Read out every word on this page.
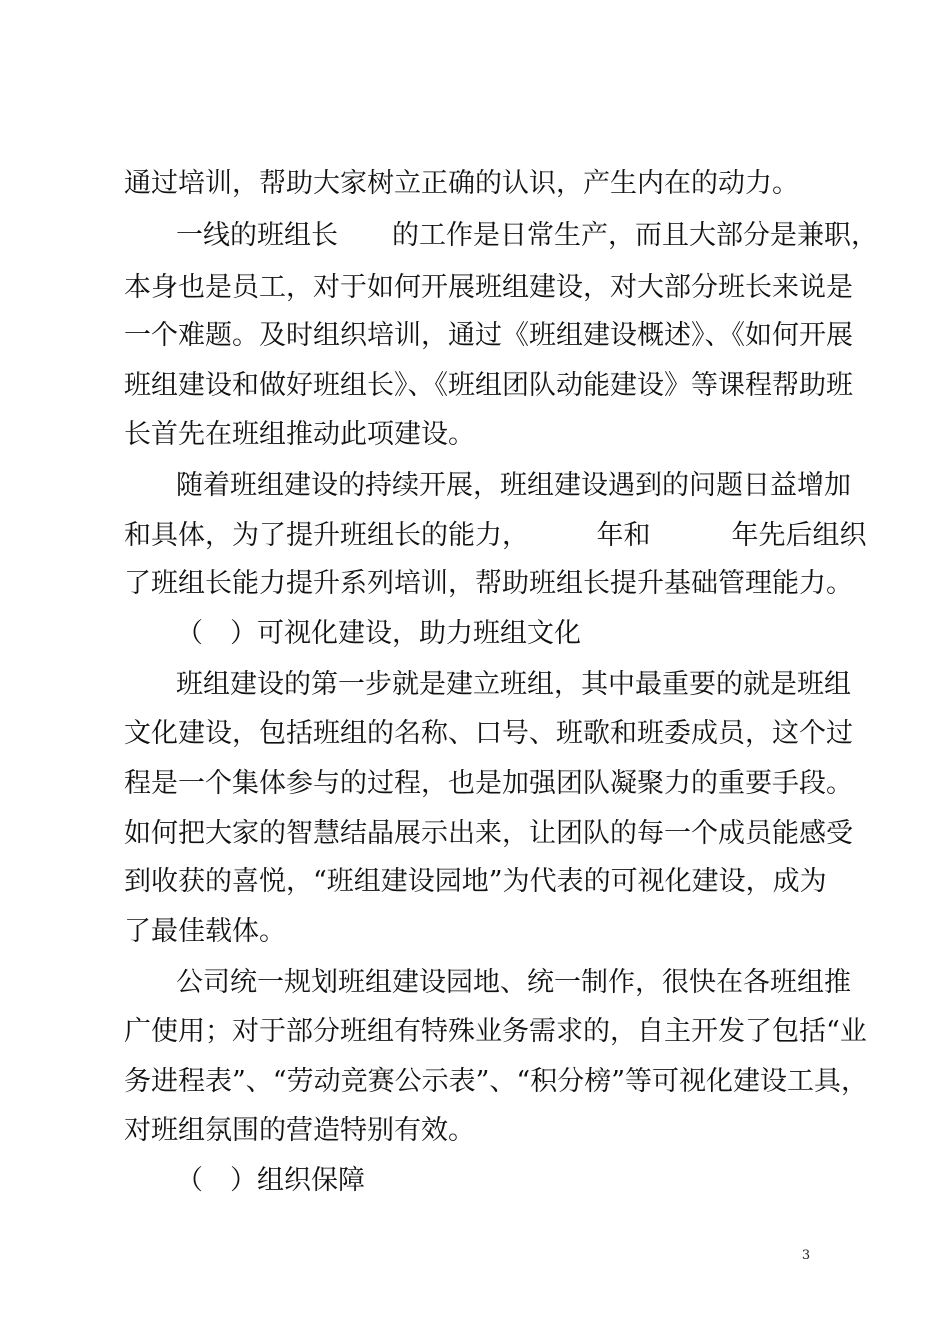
通过培训，帮助大家树立正确的认识，产生内在的动力。
一线的班组长　　的工作是日常生产，而且大部分是兼职，
本身也是员工，对于如何开展班组建设，对大部分班长来说是
一个难题。及时组织培训，通过《班组建设概述》、《如何开展
班组建设和做好班组长》、《班组团队动能建设》等课程帮助班
长首先在班组推动此项建设。
随着班组建设的持续开展，班组建设遇到的问题日益增加
和具体，为了提升班组长的能力，　　　年和　　　年先后组织
了班组长能力提升系列培训，帮助班组长提升基础管理能力。
（　）可视化建设，助力班组文化
班组建设的第一步就是建立班组，其中最重要的就是班组
文化建设，包括班组的名称、口号、班歌和班委成员，这个过
程是一个集体参与的过程，也是加强团队凝聚力的重要手段。
如何把大家的智慧结晶展示出来，让团队的每一个成员能感受
到收获的喜悦，“班组建设园地”为代表的可视化建设，成为
了最佳载体。
公司统一规划班组建设园地、统一制作，很快在各班组推
广使用；对于部分班组有特殊业务需求的，自主开发了包括“业
务进程表”、“劳动竞赛公示表”、“积分榜”等可视化建设工具，
对班组氛围的营造特别有效。
（　）组织保障
3
